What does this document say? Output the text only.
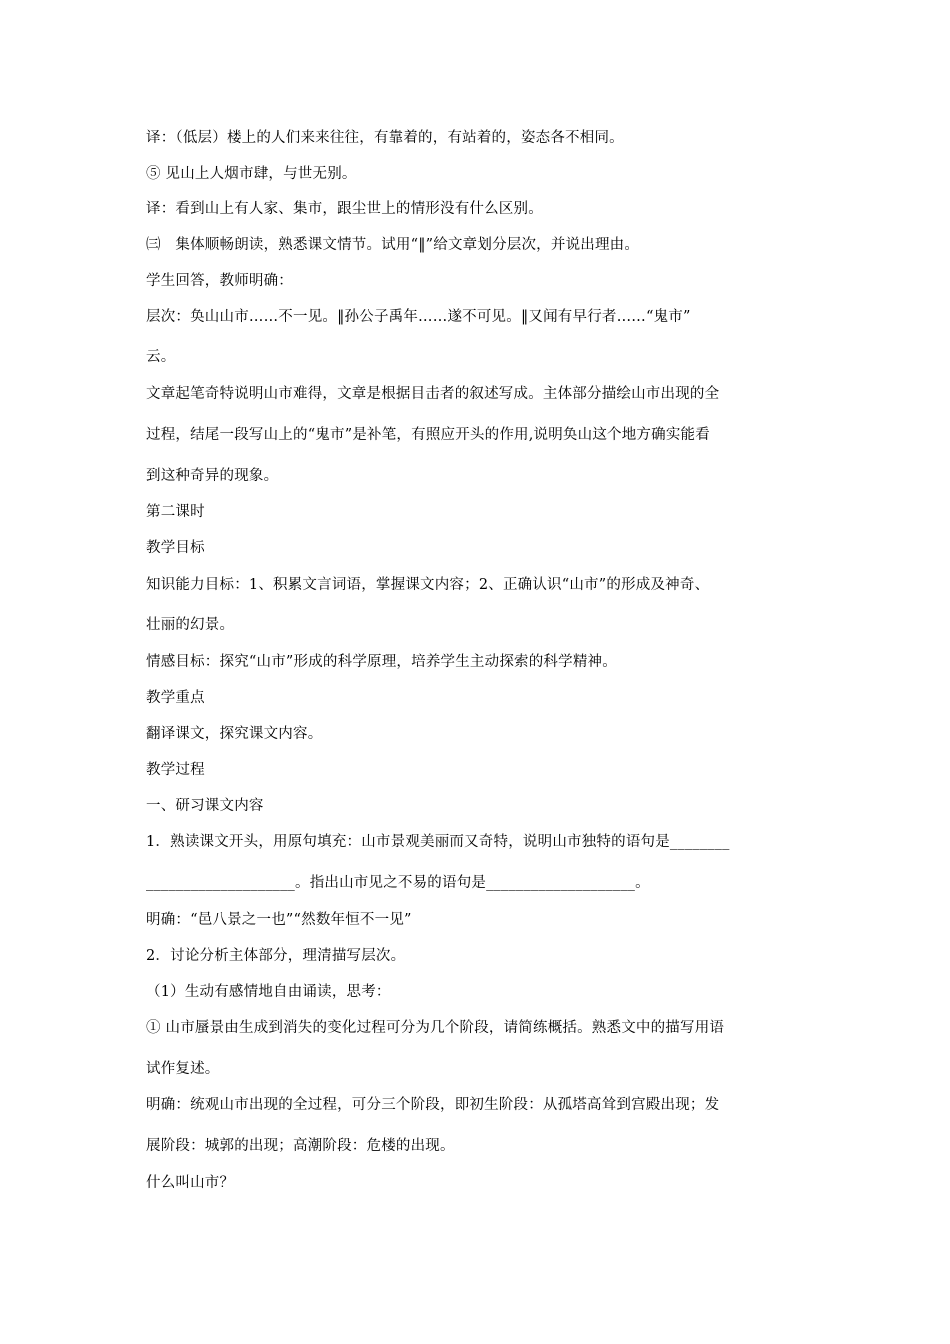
译：（低层）楼上的人们来来往往，有靠着的，有站着的，姿态各不相同。
⑤ 见山上人烟市肆，与世无别。
译：看到山上有人家、集市，跟尘世上的情形没有什么区别。
㈢　集体顺畅朗读，熟悉课文情节。试用“‖”给文章划分层次，并说出理由。
学生回答，教师明确：
层次：奂山山市……不一见。‖孙公子禹年……遂不可见。‖又闻有早行者……“鬼市”
云。
文章起笔奇特说明山市难得，文章是根据目击者的叙述写成。主体部分描绘山市出现的全
过程，结尾一段写山上的“鬼市”是补笔，有照应开头的作用,说明奂山这个地方确实能看
到这种奇异的现象。
第二课时
教学目标
知识能力目标：1、积累文言词语，掌握课文内容；2、正确认识“山市”的形成及神奇、
壮丽的幻景。
情感目标：探究“山市”形成的科学原理，培养学生主动探索的科学精神。
教学重点
翻译课文，探究课文内容。
教学过程
一、研习课文内容
1．熟读课文开头，用原句填充：山市景观美丽而又奇特，说明山市独特的语句是________
____________________。指出山市见之不易的语句是____________________。
明确：“邑八景之一也”“然数年恒不一见”
2．讨论分析主体部分，理清描写层次。
（1）生动有感情地自由诵读，思考：
① 山市蜃景由生成到消失的变化过程可分为几个阶段，请简练概括。熟悉文中的描写用语
试作复述。
明确：统观山市出现的全过程，可分三个阶段，即初生阶段：从孤塔高耸到宫殿出现；发
展阶段：城郭的出现；高潮阶段：危楼的出现。
什么叫山市？
